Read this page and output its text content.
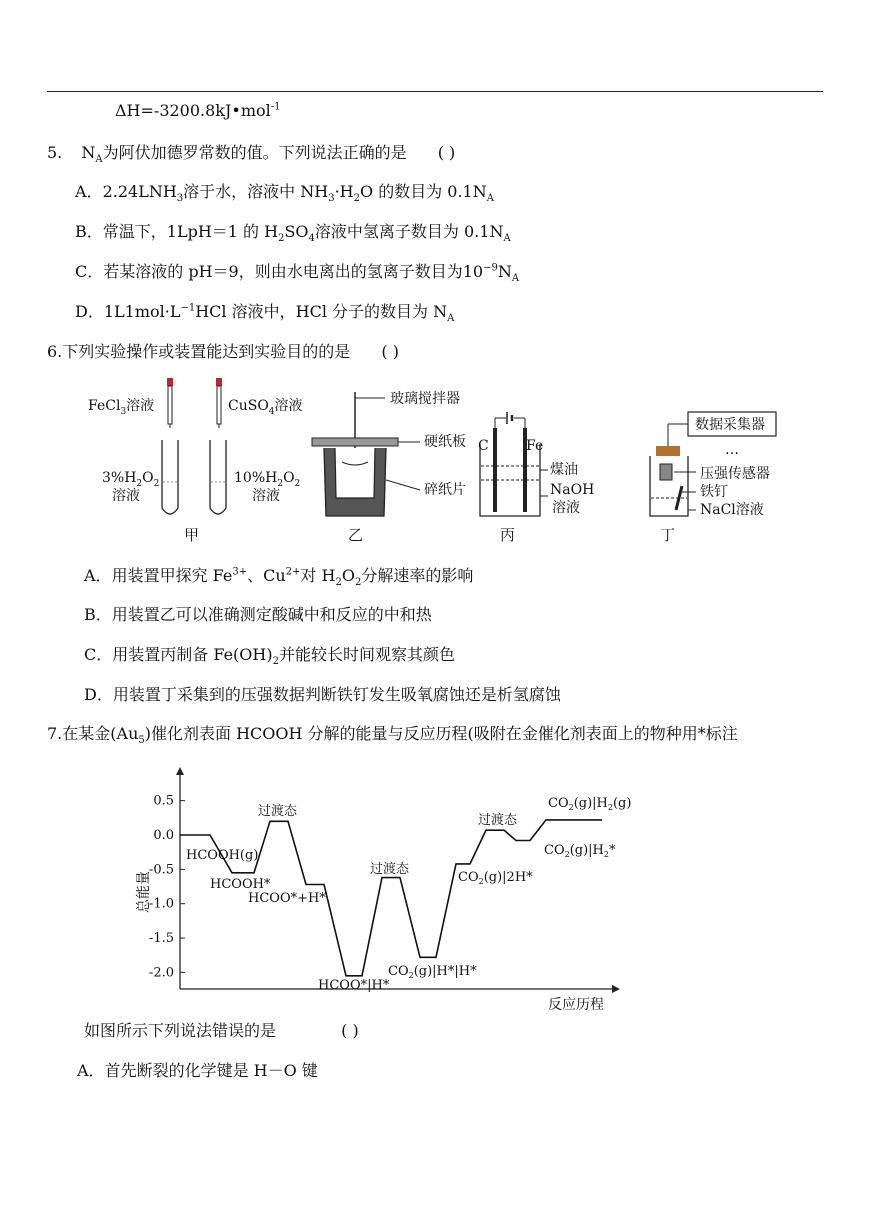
ΔH=-3200.8kJ•mol$^{-1}$
5. $N_A$为阿伏加德罗常数的值。下列说法正确的是 ( )
A．$2.24LNH_3$溶于水，溶液中 $NH_3\cdot H_2O$ 的数目为 $0.1N_A$
B．常温下，1LpH＝1 的 $H_2SO_4$溶液中氢离子数目为 $0.1N_A$
C．若某溶液的 pH＝9，则由水电离出的氢离子数目为$10^{-9}N_A$
D．$1L1mol\cdot L^{-1}HCl$ 溶液中，HCl 分子的数目为 $N_A$
6.下列实验操作或装置能达到实验目的的是 ( )
FeCl$_3$溶液	CuSO$_4$溶液
$3\%H_2O_2$
溶液
$10\%H_2O_2$
溶液
甲
玻璃搅拌器
硬纸板
碎纸片
乙
C	Fe
煤油
NaOH
溶液
丙
数据采集器
…
压强传感器
铁钉
NaCl溶液
丁
A．用装置甲探究 $Fe^{3+}$、$Cu^{2+}$对 $H_2O_2$分解速率的影响
B．用装置乙可以准确测定酸碱中和反应的中和热
C．用装置丙制备 $Fe(OH)_2$并能较长时间观察其颜色
D．用装置丁采集到的压强数据判断铁钉发生吸氧腐蚀还是析氢腐蚀
7.在某金$(Au_5)$催化剂表面 HCOOH 分解的能量与反应历程(吸附在金催化剂表面上的物种用*标注
0.5
0.0
-0.5
-1.0
-1.5
-2.0
总能量
反应历程
HCOOH(g)
HCOOH*
过渡态
HCOO*+H*
HCOO*|H*
过渡态
$CO_2(g)|H*|H*$
$CO_2(g)|2H*$
过渡态
$CO_2(g)|H_2*$
$CO_2(g)|H_2(g)$
如图所示下列说法错误的是	( )
A．首先断裂的化学键是 H－O 键
